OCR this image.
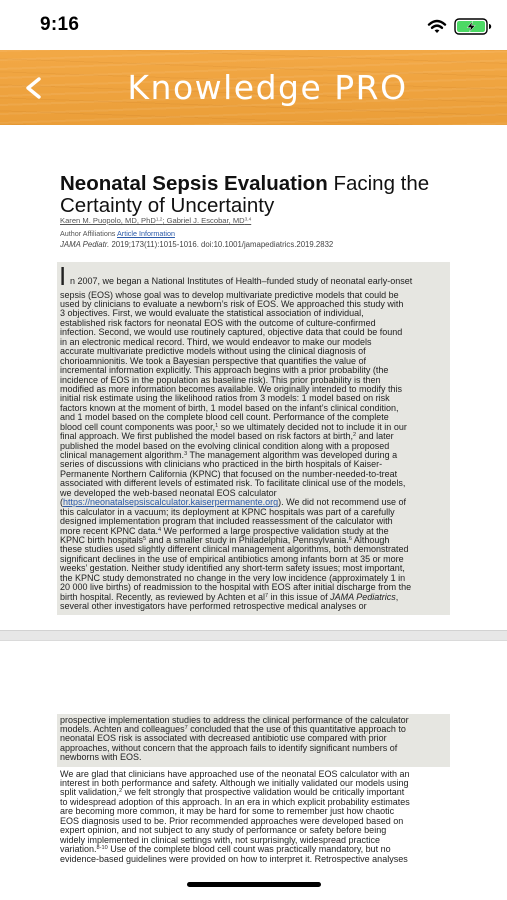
9:16
Knowledge PRO
Neonatal Sepsis Evaluation Facing the
Certainty of Uncertainty
Karen M. Puopolo, MD, PhD$^{1,2}$; Gabriel J. Escobar, MD$^{3,4}$
Author Affiliations Article Information
JAMA Pediatr. 2019;173(11):1015-1016. doi:10.1001/jamapediatrics.2019.2832
I n 2007, we began a National Institutes of Health–funded study of neonatal early-onset
sepsis (EOS) whose goal was to develop multivariate predictive models that could be
used by clinicians to evaluate a newborn’s risk of EOS. We approached this study with
3 objectives. First, we would evaluate the statistical association of individual,
established risk factors for neonatal EOS with the outcome of culture-confirmed
infection. Second, we would use routinely captured, objective data that could be found
in an electronic medical record. Third, we would endeavor to make our models
accurate multivariate predictive models without using the clinical diagnosis of
chorioamnionitis. We took a Bayesian perspective that quantifies the value of
incremental information explicitly. This approach begins with a prior probability (the
incidence of EOS in the population as baseline risk). This prior probability is then
modified as more information becomes available. We originally intended to modify this
initial risk estimate using the likelihood ratios from 3 models: 1 model based on risk
factors known at the moment of birth, 1 model based on the infant’s clinical condition,
and 1 model based on the complete blood cell count. Performance of the complete
blood cell count components was poor,$^1$ so we ultimately decided not to include it in our
final approach. We first published the model based on risk factors at birth,$^2$ and later
published the model based on the evolving clinical condition along with a proposed
clinical management algorithm.$^3$ The management algorithm was developed during a
series of discussions with clinicians who practiced in the birth hospitals of Kaiser-
Permanente Northern California (KPNC) that focused on the number-needed-to-treat
associated with different levels of estimated risk. To facilitate clinical use of the models,
we developed the web-based neonatal EOS calculator
(https://neonatalsepsiscalculator.kaiserpermanente.org). We did not recommend use of
this calculator in a vacuum; its deployment at KPNC hospitals was part of a carefully
designed implementation program that included reassessment of the calculator with
more recent KPNC data.$^4$ We performed a large prospective validation study at the
KPNC birth hospitals$^5$ and a smaller study in Philadelphia, Pennsylvania.$^6$ Although
these studies used slightly different clinical management algorithms, both demonstrated
significant declines in the use of empirical antibiotics among infants born at 35 or more
weeks’ gestation. Neither study identified any short-term safety issues; most important,
the KPNC study demonstrated no change in the very low incidence (approximately 1 in
20 000 live births) of readmission to the hospital with EOS after initial discharge from the
birth hospital. Recently, as reviewed by Achten et $al^7$ in this issue of JAMA Pediatrics,
several other investigators have performed retrospective medical analyses or
prospective implementation studies to address the clinical performance of the calculator
models. Achten and colleagues$^7$ concluded that the use of this quantitative approach to
neonatal EOS risk is associated with decreased antibiotic use compared with prior
approaches, without concern that the approach fails to identify significant numbers of
newborns with EOS.
We are glad that clinicians have approached use of the neonatal EOS calculator with an
interest in both performance and safety. Although we initially validated our models using
split validation,$^2$ we felt strongly that prospective validation would be critically important
to widespread adoption of this approach. In an era in which explicit probability estimates
are becoming more common, it may be hard for some to remember just how chaotic
EOS diagnosis used to be. Prior recommended approaches were developed based on
expert opinion, and not subject to any study of performance or safety before being
widely implemented in clinical settings with, not surprisingly, widespread practice
variation.$^{8-10}$ Use of the complete blood cell count was practically mandatory, but no
evidence-based guidelines were provided on how to interpret it. Retrospective analyses
